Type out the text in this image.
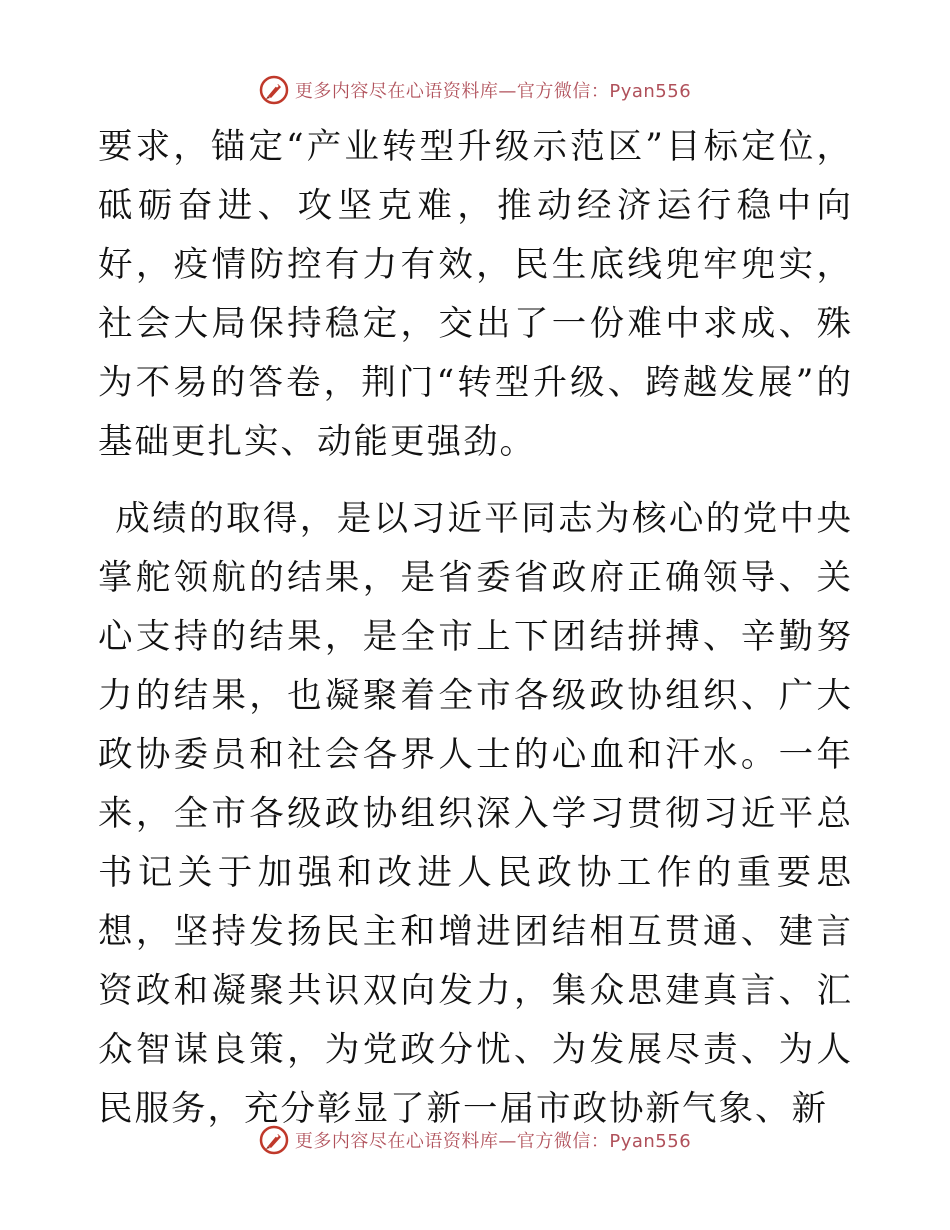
更多内容尽在心语资料库—官方微信：Pyan556

要求，锚定“产业转型升级示范区”目标定位，砥砺奋进、攻坚克难，推动经济运行稳中向好，疫情防控有力有效，民生底线兜牢兜实，社会大局保持稳定，交出了一份难中求成、殊为不易的答卷，荆门“转型升级、跨越发展”的基础更扎实、动能更强劲。

成绩的取得，是以习近平同志为核心的党中央掌舵领航的结果，是省委省政府正确领导、关心支持的结果，是全市上下团结拼搏、辛勤努力的结果，也凝聚着全市各级政协组织、广大政协委员和社会各界人士的心血和汗水。一年来，全市各级政协组织深入学习贯彻习近平总书记关于加强和改进人民政协工作的重要思想，坚持发扬民主和增进团结相互贯通、建言资政和凝聚共识双向发力，集众思建真言、汇众智谋良策，为党政分忧、为发展尽责、为人民服务，充分彰显了新一届市政协新气象、新

更多内容尽在心语资料库—官方微信：Pyan556
